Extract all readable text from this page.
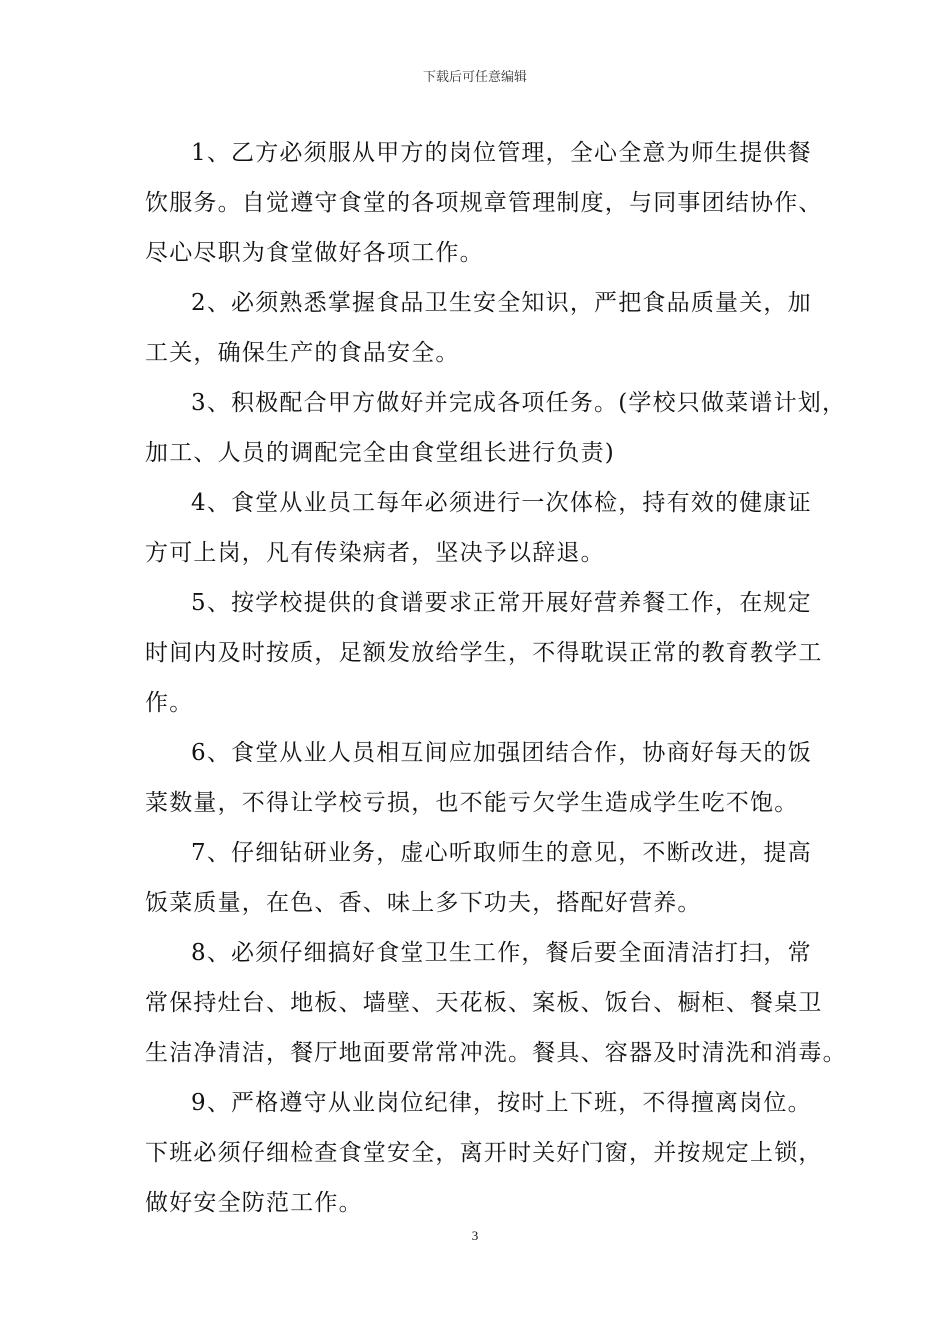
下载后可任意编辑
1、乙方必须服从甲方的岗位管理，全心全意为师生提供餐
饮服务。自觉遵守食堂的各项规章管理制度，与同事团结协作、
尽心尽职为食堂做好各项工作。
2、必须熟悉掌握食品卫生安全知识，严把食品质量关，加
工关，确保生产的食品安全。
3、积极配合甲方做好并完成各项任务。(学校只做菜谱计划，
加工、人员的调配完全由食堂组长进行负责)
4、食堂从业员工每年必须进行一次体检，持有效的健康证
方可上岗，凡有传染病者，坚决予以辞退。
5、按学校提供的食谱要求正常开展好营养餐工作，在规定
时间内及时按质，足额发放给学生，不得耽误正常的教育教学工
作。
6、食堂从业人员相互间应加强团结合作，协商好每天的饭
菜数量，不得让学校亏损，也不能亏欠学生造成学生吃不饱。
7、仔细钻研业务，虚心听取师生的意见，不断改进，提高
饭菜质量，在色、香、味上多下功夫，搭配好营养。
8、必须仔细搞好食堂卫生工作，餐后要全面清洁打扫，常
常保持灶台、地板、墙壁、天花板、案板、饭台、橱柜、餐桌卫
生洁净清洁，餐厅地面要常常冲洗。餐具、容器及时清洗和消毒。
9、严格遵守从业岗位纪律，按时上下班，不得擅离岗位。
下班必须仔细检查食堂安全，离开时关好门窗，并按规定上锁，
做好安全防范工作。
3
